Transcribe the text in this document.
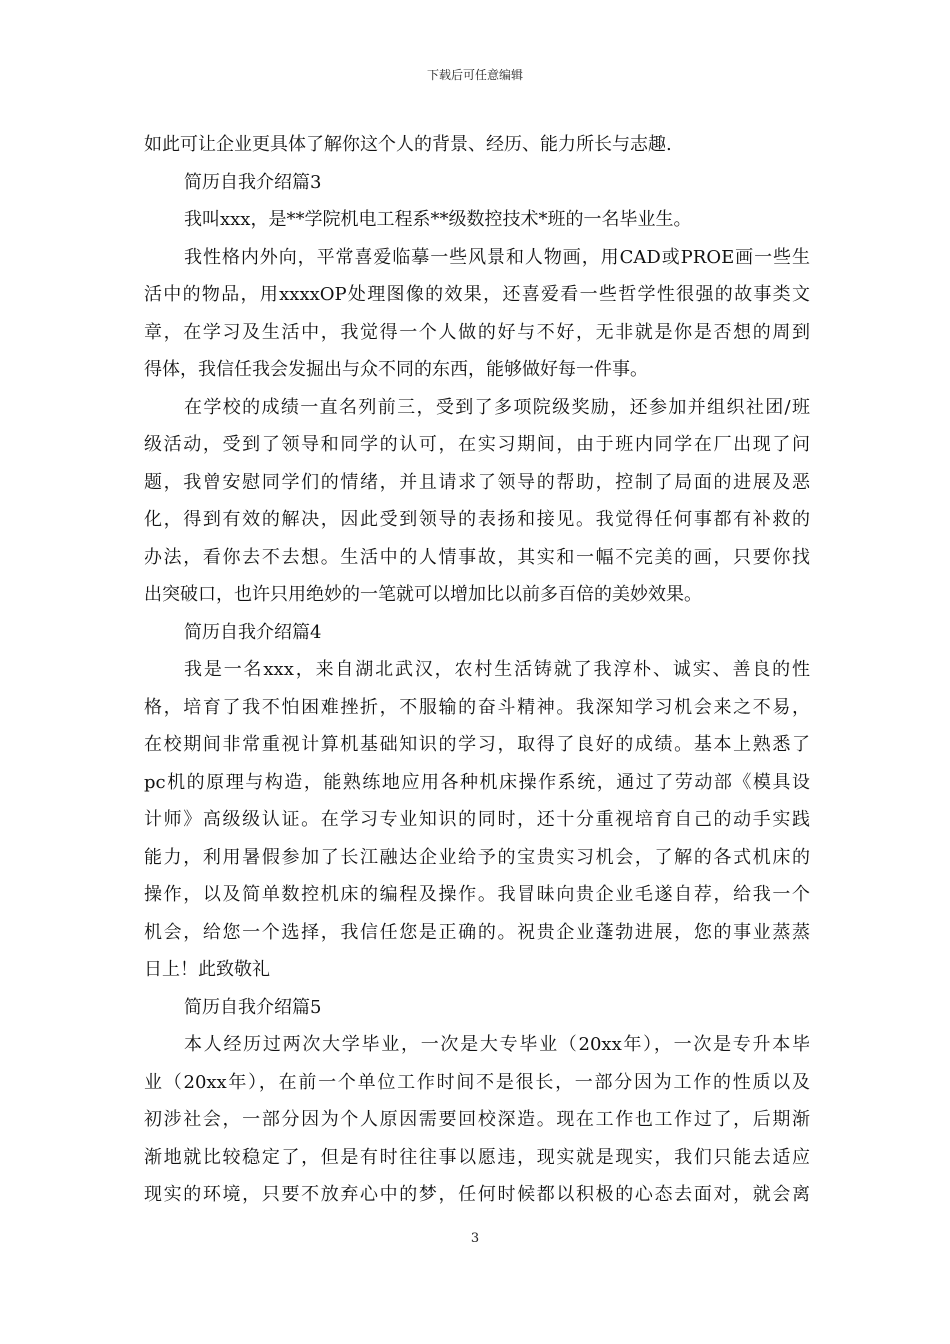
下载后可任意编辑
如此可让企业更具体了解你这个人的背景、经历、能力所长与志趣.
简历自我介绍篇3
我叫xxx，是**学院机电工程系**级数控技术*班的一名毕业生。
我性格内外向，平常喜爱临摹一些风景和人物画，用CAD或PROE画一些生
活中的物品，用xxxxOP处理图像的效果，还喜爱看一些哲学性很强的故事类文
章，在学习及生活中，我觉得一个人做的好与不好，无非就是你是否想的周到
得体，我信任我会发掘出与众不同的东西，能够做好每一件事。
在学校的成绩一直名列前三，受到了多项院级奖励，还参加并组织社团/班
级活动，受到了领导和同学的认可，在实习期间，由于班内同学在厂出现了问
题，我曾安慰同学们的情绪，并且请求了领导的帮助，控制了局面的进展及恶
化，得到有效的解决，因此受到领导的表扬和接见。我觉得任何事都有补救的
办法，看你去不去想。生活中的人情事故，其实和一幅不完美的画，只要你找
出突破口，也许只用绝妙的一笔就可以增加比以前多百倍的美妙效果。
简历自我介绍篇4
我是一名xxx，来自湖北武汉，农村生活铸就了我淳朴、诚实、善良的性
格，培育了我不怕困难挫折，不服输的奋斗精神。我深知学习机会来之不易，
在校期间非常重视计算机基础知识的学习，取得了良好的成绩。基本上熟悉了
pc机的原理与构造，能熟练地应用各种机床操作系统，通过了劳动部《模具设
计师》高级级认证。在学习专业知识的同时，还十分重视培育自己的动手实践
能力，利用暑假参加了长江融达企业给予的宝贵实习机会，了解的各式机床的
操作，以及简单数控机床的编程及操作。我冒昧向贵企业毛遂自荐，给我一个
机会，给您一个选择，我信任您是正确的。祝贵企业蓬勃进展，您的事业蒸蒸
日上！此致敬礼
简历自我介绍篇5
本人经历过两次大学毕业，一次是大专毕业（20xx年），一次是专升本毕
业（20xx年），在前一个单位工作时间不是很长，一部分因为工作的性质以及
初涉社会，一部分因为个人原因需要回校深造。现在工作也工作过了，后期渐
渐地就比较稳定了，但是有时往往事以愿违，现实就是现实，我们只能去适应
现实的环境，只要不放弃心中的梦，任何时候都以积极的心态去面对，就会离
3
